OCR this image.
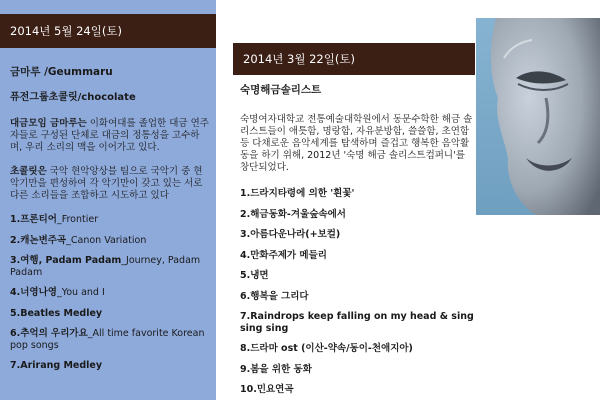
2014년 5월 24일(토)
금마루 /Geummaru
퓨전그룹초콜릿/chocolate
대금모임 금마루는 이화여대를 졸업한 대금 연주자들로 구성된 단체로 대금의 정통성을 고수하며, 우리 소리의 맥을 이어가고 있다.
초콜릿은 국악 현악앙상블 팀으로 국악기 중 현악기만을 편성하여 각 악기만이 갖고 있는 서로 다른 소리들을 조합하고 시도하고 있다
1.프론티어_Frontier
2.캐논변주곡_Canon Variation
3.여행, Padam Padam_Journey, Padam Padam
4.너영나영_You and I
5.Beatles Medley
6.추억의 우리가요_All time favorite Korean pop songs
7.Arirang Medley
2014년 3월 22일(토)
숙명해금솔리스트
숙명여자대학교 전통예술대학원에서 동문수학한 해금 솔리스트들이 애틋함, 명랑함, 자유분방함, 쓸쓸함, 초연함 등 다채로운 음악세계를 탐색하며 즐겁고 행복한 음악활동을 하기 위해, 2012년 '숙명 해금 솔리스트컴퍼니'를 창단되었다.
1.드라지타령에 의한 '흰꽃'
2.해금동화-겨울숲속에서
3.아름다운나라(+보컬)
4.만화주제가 메들리
5.냉면
6.행복을 그리다
7.Raindrops keep falling on my head & sing sing sing
8.드라마 ost (이산-약속/동이-천애지아)
9.봄을 위한 동화
10.민요연곡
